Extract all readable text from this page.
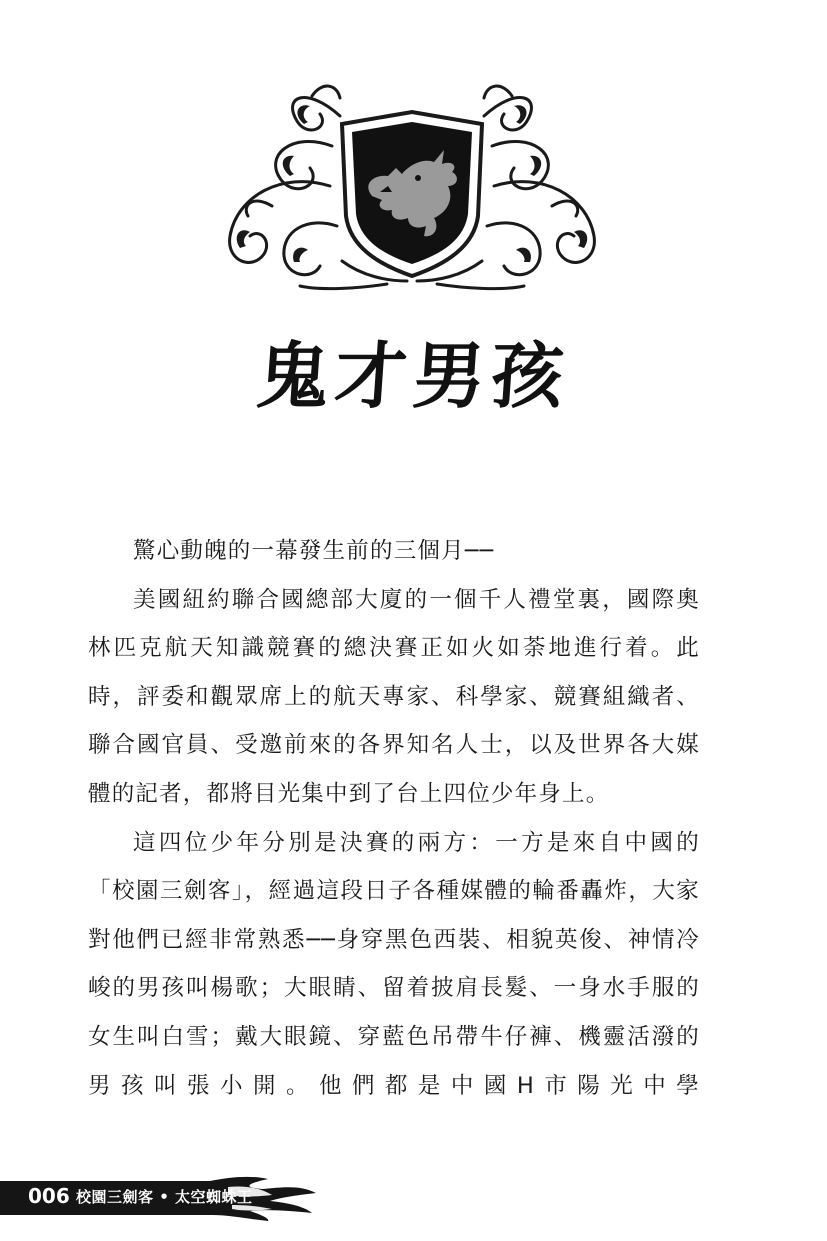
鬼才男孩

驚心動魄的一幕發生前的三個月──

美國紐約聯合國總部大廈的一個千人禮堂裏，國際奧林匹克航天知識競賽的總決賽正如火如荼地進行着。此時，評委和觀眾席上的航天專家、科學家、競賽組織者、聯合國官員、受邀前來的各界知名人士，以及世界各大媒體的記者，都將目光集中到了台上四位少年身上。

這四位少年分別是決賽的兩方：一方是來自中國的「校園三劍客」，經過這段日子各種媒體的輪番轟炸，大家對他們已經非常熟悉──身穿黑色西裝、相貌英俊、神情冷峻的男孩叫楊歌；大眼睛、留着披肩長髮、一身水手服的女生叫白雪；戴大眼鏡、穿藍色吊帶牛仔褲、機靈活潑的男孩叫張小開。他們都是中國H市陽光中學

006 校園三劍客 • 太空蜘蛛王
